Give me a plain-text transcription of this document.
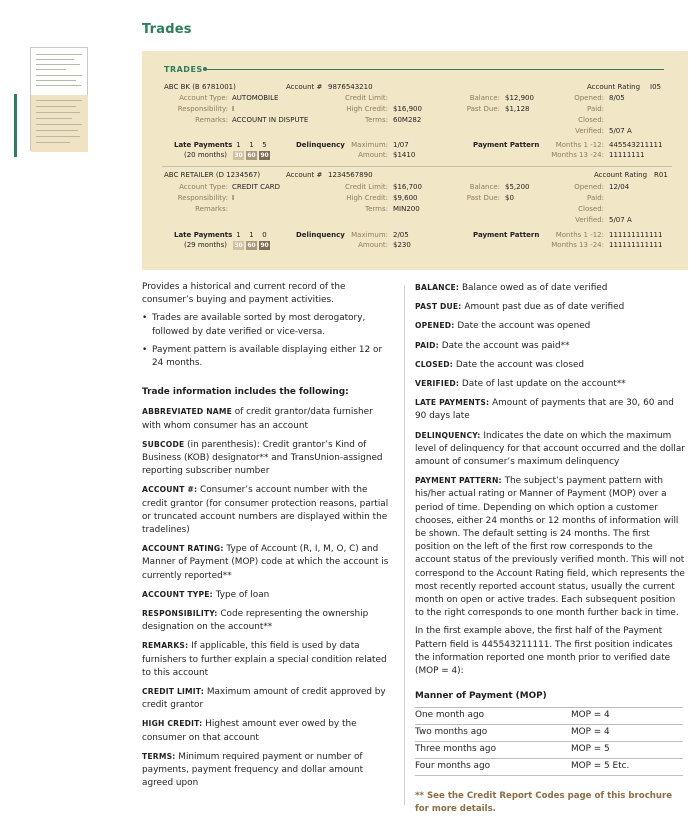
Trades
TRADES
ABC BK (B 6781001)	Account # 9876543210	Account Rating I05
Account Type: AUTOMOBILE
Responsibility: I
Remarks: ACCOUNT IN DISPUTE
Credit Limit:
High Credit: $16,900
Terms: 60M282
Balance: $12,900
Past Due: $1,128
Opened: 8/05
Paid:
Closed:
Verified: 5/07 A
Late Payments
(20 months)
1	1	5
30 60 90
Delinquency Maximum: 1/07
Amount: $1410
Payment Pattern	Months 1 -12: 445543211111
Months 13 -24: 11111111
ABC RETAILER (D 1234567)	Account # 1234567890	Account Rating R01
Account Type: CREDIT CARD
Responsibility: I
Remarks:
Credit Limit: $16,700
High Credit: $9,600
Terms: MIN200
Balance: $5,200
Past Due: $0
Opened: 12/04
Paid:
Closed:
Verified: 5/07 A
Late Payments
(29 months)
1	1	0
30 60 90
Delinquency Maximum: 2/05
Amount: $230
Payment Pattern	Months 1 -12: 111111111111
Months 13 -24: 111111111111

Provides a historical and current record of the consumer’s buying and payment activities.

• Trades are available sorted by most derogatory, followed by date verified or vice-versa.
• Payment pattern is available displaying either 12 or 24 months.
Trade information includes the following:

ABBREVIATED NAME of credit grantor/data furnisher with whom consumer has an account

SUBCODE (in parenthesis): Credit grantor’s Kind of Business (KOB) designator** and TransUnion-assigned reporting subscriber number

ACCOUNT #: Consumer’s account number with the credit grantor (for consumer protection reasons, partial or truncated account numbers are displayed within the tradelines)

ACCOUNT RATING: Type of Account (R, I, M, O, C) and Manner of Payment (MOP) code at which the account is currently reported**

ACCOUNT TYPE: Type of loan

RESPONSIBILITY: Code representing the ownership designation on the account**

REMARKS: If applicable, this field is used by data furnishers to further explain a special condition related to this account

CREDIT LIMIT: Maximum amount of credit approved by credit grantor

HIGH CREDIT: Highest amount ever owed by the consumer on that account

TERMS: Minimum required payment or number of payments, payment frequency and dollar amount agreed upon

BALANCE: Balance owed as of date verified

PAST DUE: Amount past due as of date verified

OPENED: Date the account was opened

PAID: Date the account was paid**

CLOSED: Date the account was closed

VERIFIED: Date of last update on the account**

LATE PAYMENTS: Amount of payments that are 30, 60 and 90 days late

DELINQUENCY: Indicates the date on which the maximum level of delinquency for that account occurred and the dollar amount of consumer’s maximum delinquency

PAYMENT PATTERN: The subject’s payment pattern with his/her actual rating or Manner of Payment (MOP) over a period of time. Depending on which option a customer chooses, either 24 months or 12 months of information will be shown. The default setting is 24 months. The first position on the left of the first row corresponds to the account status of the previously verified month. This will not correspond to the Account Rating field, which represents the most recently reported account status, usually the current month on open or active trades. Each subsequent position to the right corresponds to one month further back in time.

In the first example above, the first half of the Payment Pattern field is 445543211111. The first position indicates the information reported one month prior to verified date (MOP = 4):

Manner of Payment (MOP)
One month ago	MOP = 4
Two months ago	MOP = 4
Three months ago	MOP = 5
Four months ago	MOP = 5 Etc.
** See the Credit Report Codes page of this brochure for more details.
